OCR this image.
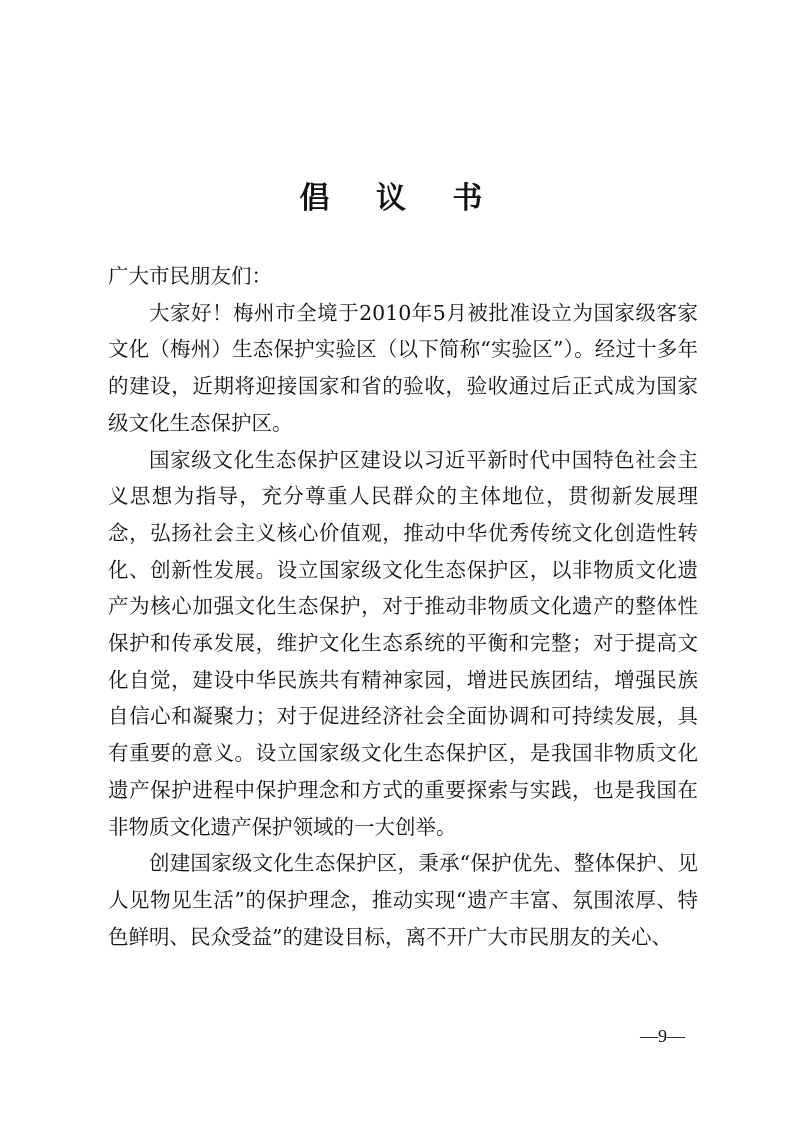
倡 议 书

广大市民朋友们：

大家好！梅州市全境于2010年5月被批准设立为国家级客家文化（梅州）生态保护实验区（以下简称“实验区”）。经过十多年的建设，近期将迎接国家和省的验收，验收通过后正式成为国家级文化生态保护区。

国家级文化生态保护区建设以习近平新时代中国特色社会主义思想为指导，充分尊重人民群众的主体地位，贯彻新发展理念，弘扬社会主义核心价值观，推动中华优秀传统文化创造性转化、创新性发展。设立国家级文化生态保护区，以非物质文化遗产为核心加强文化生态保护，对于推动非物质文化遗产的整体性保护和传承发展，维护文化生态系统的平衡和完整；对于提高文化自觉，建设中华民族共有精神家园，增进民族团结，增强民族自信心和凝聚力；对于促进经济社会全面协调和可持续发展，具有重要的意义。设立国家级文化生态保护区，是我国非物质文化遗产保护进程中保护理念和方式的重要探索与实践，也是我国在非物质文化遗产保护领域的一大创举。

创建国家级文化生态保护区，秉承“保护优先、整体保护、见人见物见生活”的保护理念，推动实现“遗产丰富、氛围浓厚、特色鲜明、民众受益”的建设目标，离不开广大市民朋友的关心、

—9—
